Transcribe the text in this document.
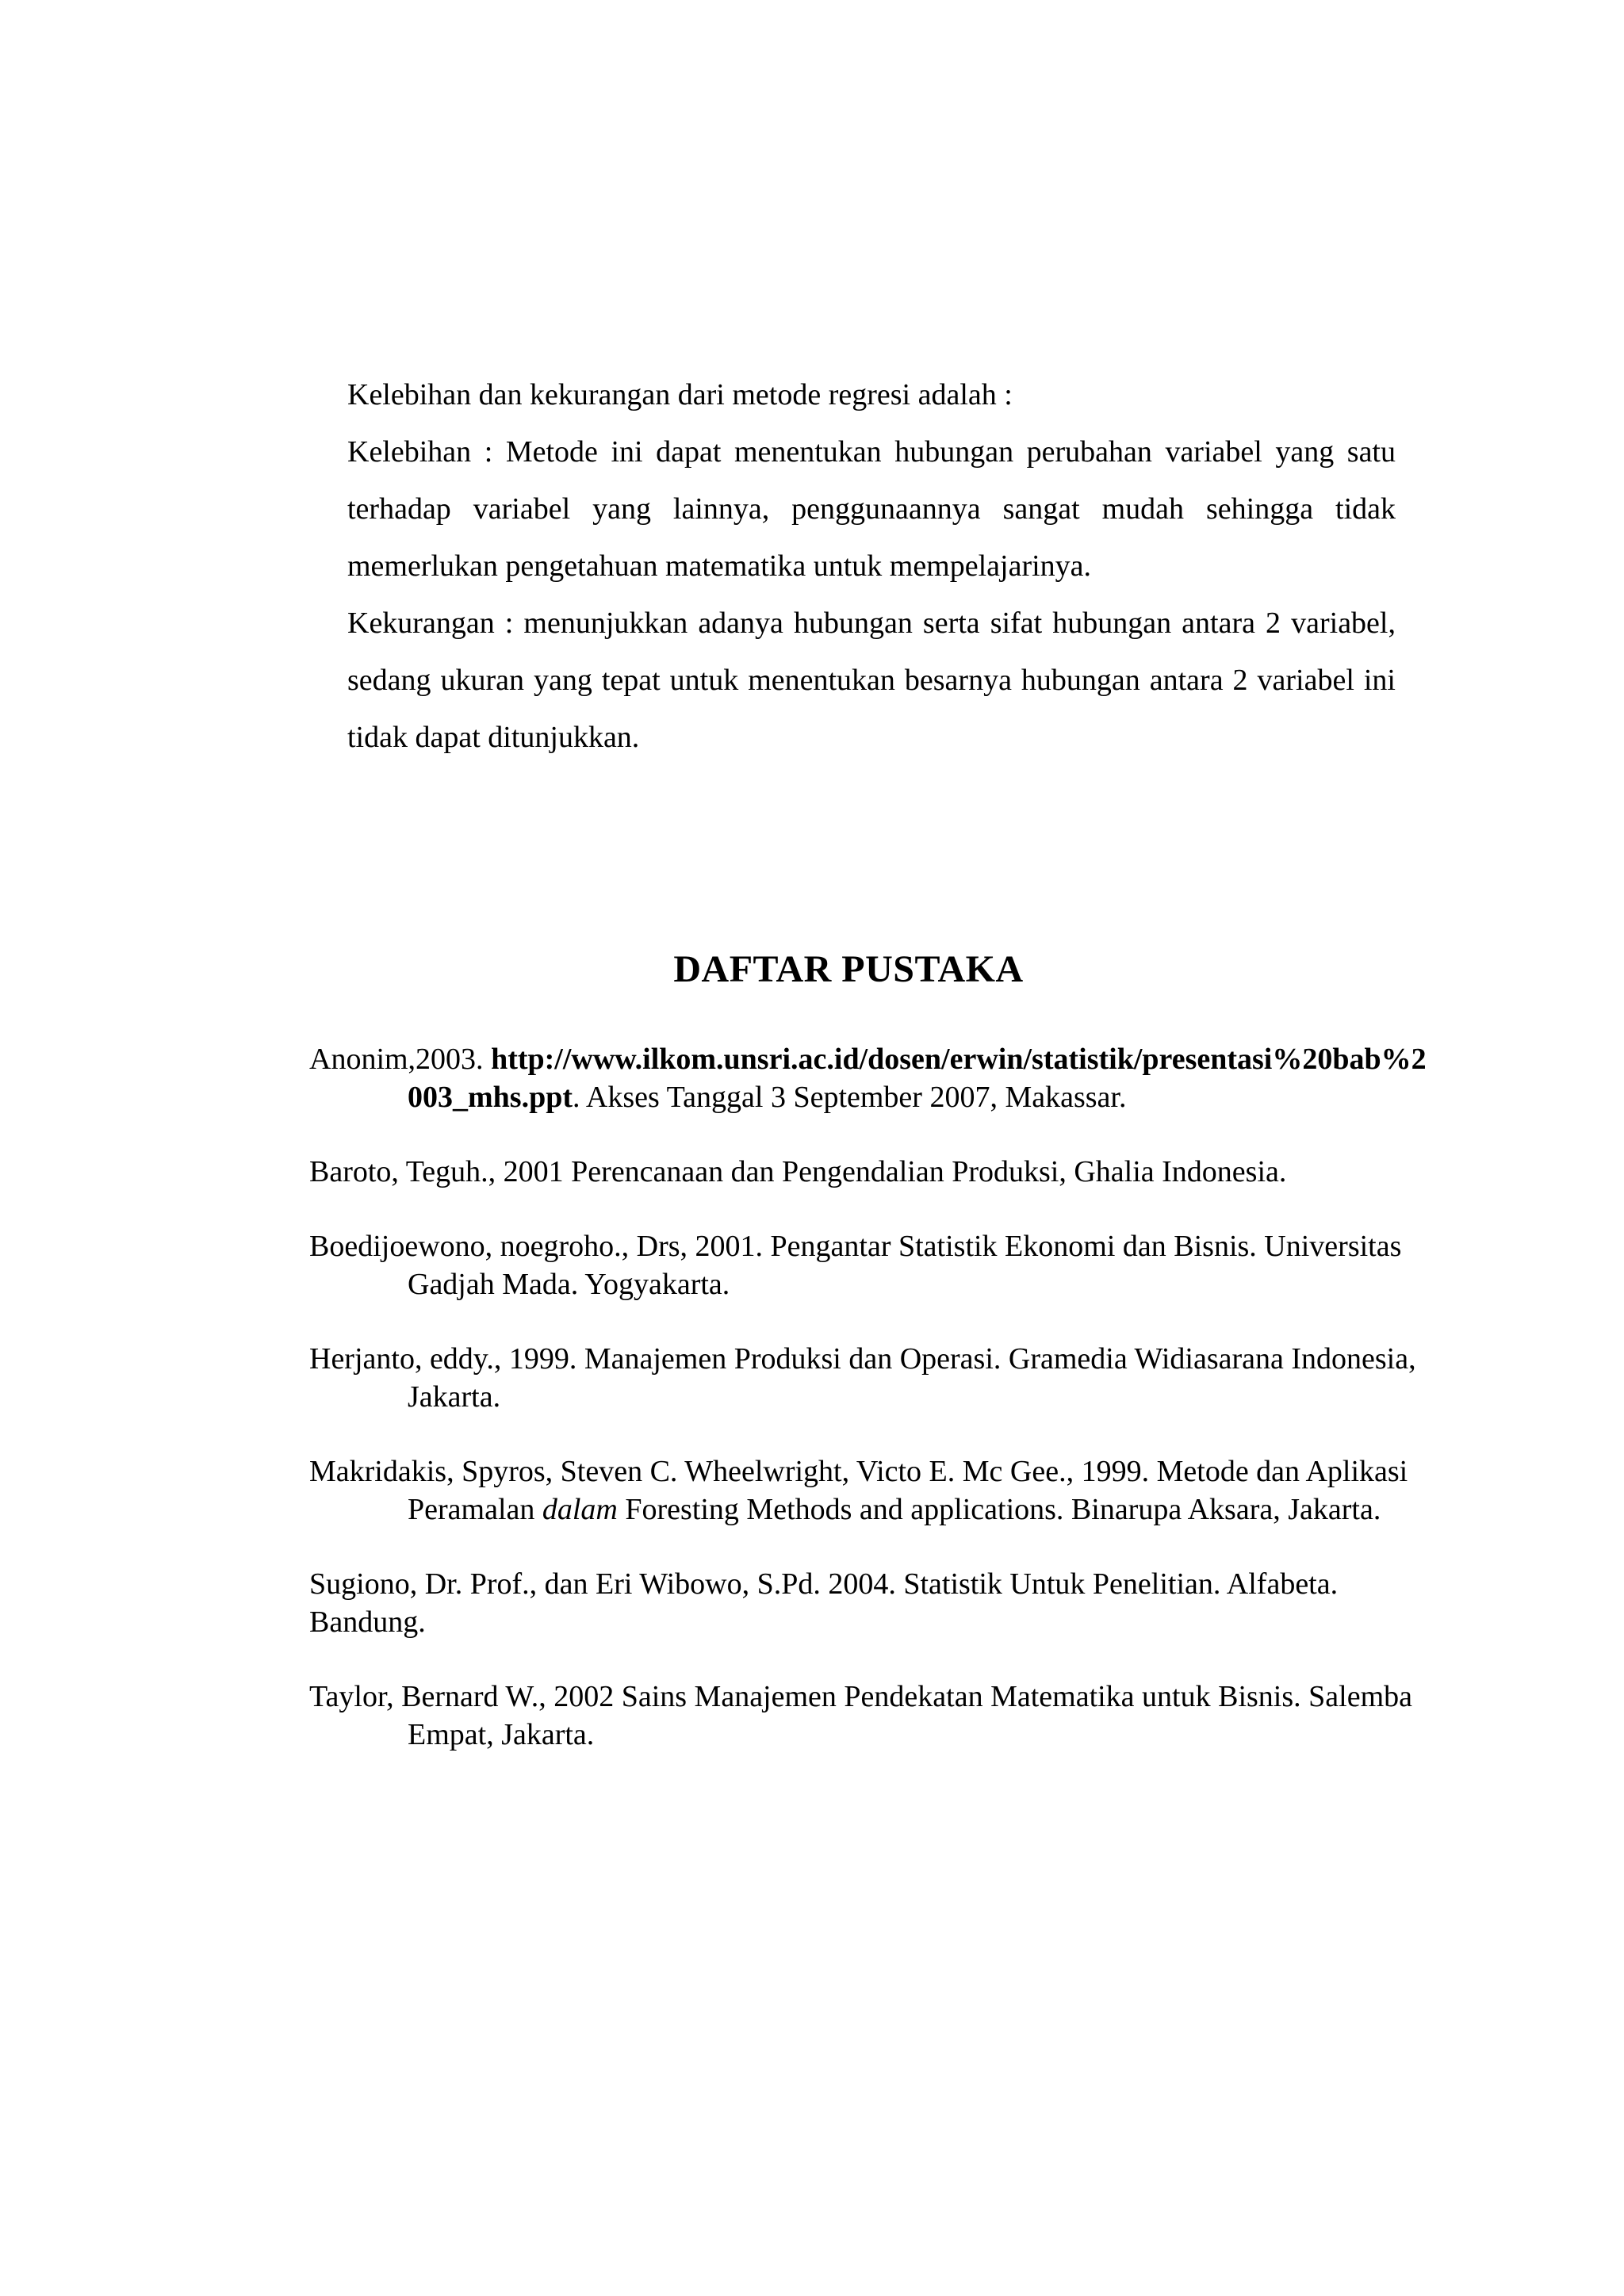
Kelebihan dan kekurangan dari metode regresi adalah :

Kelebihan : Metode ini dapat menentukan hubungan perubahan variabel yang satu terhadap variabel yang lainnya, penggunaannya sangat mudah sehingga tidak memerlukan pengetahuan matematika untuk mempelajarinya.

Kekurangan : menunjukkan adanya hubungan serta sifat hubungan antara 2 variabel, sedang ukuran yang tepat untuk menentukan besarnya hubungan antara 2 variabel ini tidak dapat ditunjukkan.

DAFTAR PUSTAKA

Anonim,2003. http://www.ilkom.unsri.ac.id/dosen/erwin/statistik/presentasi%20bab%2003_mhs.ppt. Akses Tanggal 3 September 2007, Makassar.

Baroto, Teguh., 2001 Perencanaan dan Pengendalian Produksi, Ghalia Indonesia.

Boedijoewono, noegroho., Drs, 2001. Pengantar Statistik Ekonomi dan Bisnis. Universitas Gadjah Mada. Yogyakarta.

Herjanto, eddy., 1999. Manajemen Produksi dan Operasi. Gramedia Widiasarana Indonesia, Jakarta.

Makridakis, Spyros, Steven C. Wheelwright, Victo E. Mc Gee., 1999. Metode dan Aplikasi Peramalan dalam Foresting Methods and applications. Binarupa Aksara, Jakarta.

Sugiono, Dr. Prof., dan Eri Wibowo, S.Pd. 2004. Statistik Untuk Penelitian. Alfabeta. Bandung.

Taylor, Bernard W., 2002 Sains Manajemen Pendekatan Matematika untuk Bisnis. Salemba Empat, Jakarta.
